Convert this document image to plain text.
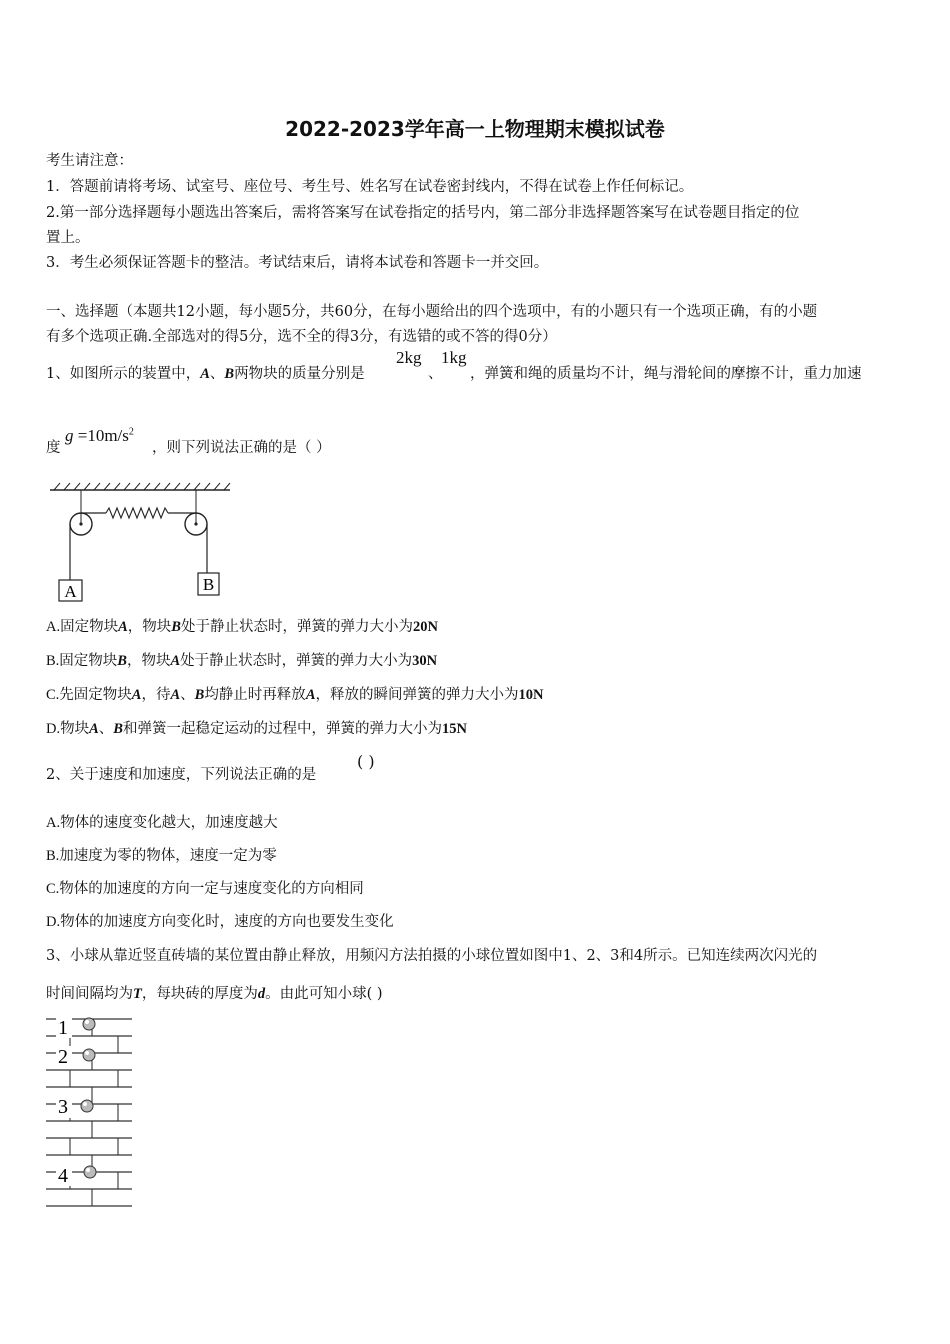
2022-2023学年高一上物理期末模拟试卷
考生请注意：
1．答题前请将考场、试室号、座位号、考生号、姓名写在试卷密封线内，不得在试卷上作任何标记。
2.第一部分选择题每小题选出答案后，需将答案写在试卷指定的括号内，第二部分非选择题答案写在试卷题目指定的位
置上。
3．考生必须保证答题卡的整洁。考试结束后，请将本试卷和答题卡一并交回。
一、选择题（本题共12小题，每小题5分，共60分，在每小题给出的四个选项中，有的小题只有一个选项正确，有的小题
有多个选项正确.全部选对的得5分，选不全的得3分，有选错的或不答的得0分）
1、如图所示的装置中，A、B两物块的质量分别是
2kg
、
1kg
，弹簧和绳的质量均不计，绳与滑轮间的摩擦不计，重力加速
度
$g =10m/s^2$
，则下列说法正确的是（ ）
A	B
A.固定物块A，物块B处于静止状态时，弹簧的弹力大小为20N
B.固定物块B，物块A处于静止状态时，弹簧的弹力大小为30N
C.先固定物块A，待A、B均静止时再释放A，释放的瞬间弹簧的弹力大小为10N
D.物块A、B和弹簧一起稳定运动的过程中，弹簧的弹力大小为15N
2、关于速度和加速度，下列说法正确的是
( )
A.物体的速度变化越大，加速度越大
B.加速度为零的物体，速度一定为零
C.物体的加速度的方向一定与速度变化的方向相同
D.物体的加速度方向变化时，速度的方向也要发生变化
3、小球从靠近竖直砖墙的某位置由静止释放，用频闪方法拍摄的小球位置如图中1、2、3和4所示。已知连续两次闪光的
时间间隔均为T，每块砖的厚度为d。由此可知小球( )
1
2
3
4
